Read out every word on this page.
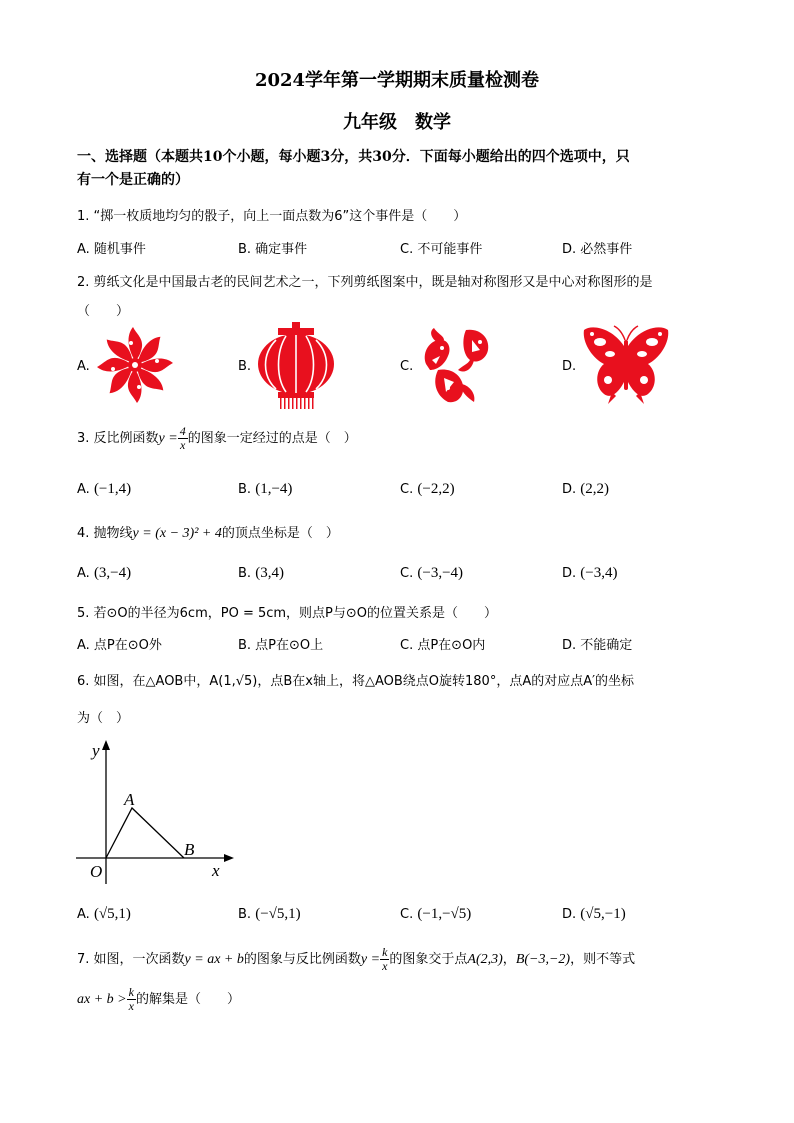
2024学年第一学期期末质量检测卷
九年级　数学
一、选择题（本题共10个小题，每小题3分，共30分．下面每小题给出的四个选项中，只
有一个是正确的）
1. “掷一枚质地均匀的骰子，向上一面点数为6”这个事件是（　　）
A. 随机事件	B. 确定事件	C. 不可能事件	D. 必然事件
2. 剪纸文化是中国最古老的民间艺术之一，下列剪纸图案中，既是轴对称图形又是中心对称图形的是
（　　）
A.	B.	C.	D.
3. 反比例函数$y = \frac{4}{x}$ 的图象一定经过的点是（　）
A. (−1,4)	B. (1,−4)	C. (−2,2)	D. (2,2)
4. 抛物线y = (x − 3)² + 4的顶点坐标是（　）
A. (3,−4)	B. (3,4)	C. (−3,−4)	D. (−3,4)
5. 若⊙O的半径为6cm，PO = 5cm，则点P与⊙O的位置关系是（　　）
A. 点P在⊙O外	B. 点P在⊙O上	C. 点P在⊙O内	D. 不能确定
6. 如图，在△AOB中，A(1,√5)，点B在x轴上，将△AOB绕点O旋转180°，点A的对应点A′的坐标
为（　）
y
x
O
A
B
A. (√5,1)	B. (−√5,1)	C. (−1,−√5)	D. (√5,−1)
7. 如图，一次函数y = ax + b的图象与反比例函数$y = \frac{k}{x}$ 的图象交于点A(2,3)，B(−3,−2)，则不等式
ax + $b > \frac{k}{x}$ 的解集是（　　）
